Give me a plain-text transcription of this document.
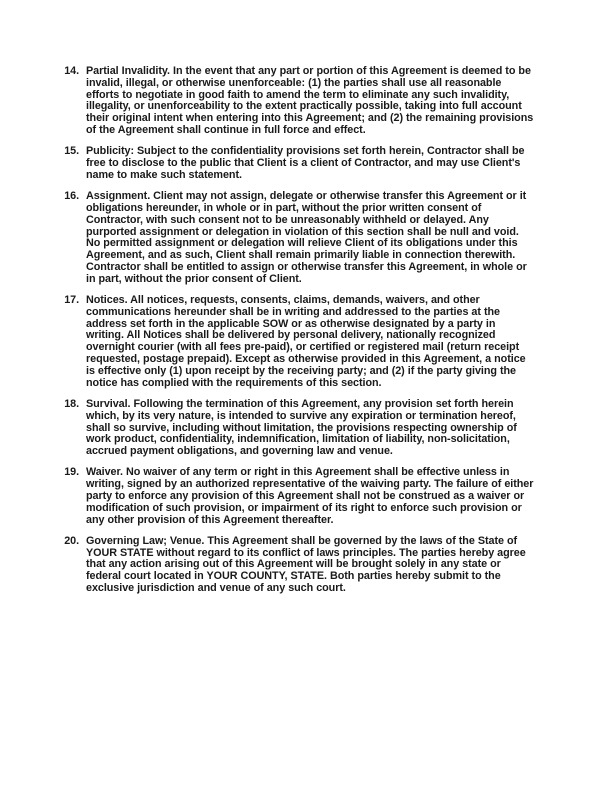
14. Partial Invalidity. In the event that any part or portion of this Agreement is deemed to be invalid, illegal, or otherwise unenforceable: (1) the parties shall use all reasonable efforts to negotiate in good faith to amend the term to eliminate any such invalidity, illegality, or unenforceability to the extent practically possible, taking into full account their original intent when entering into this Agreement; and (2) the remaining provisions of the Agreement shall continue in full force and effect.
15. Publicity: Subject to the confidentiality provisions set forth herein, Contractor shall be free to disclose to the public that Client is a client of Contractor, and may use Client's name to make such statement.
16. Assignment. Client may not assign, delegate or otherwise transfer this Agreement or it obligations hereunder, in whole or in part, without the prior written consent of Contractor, with such consent not to be unreasonably withheld or delayed. Any purported assignment or delegation in violation of this section shall be null and void. No permitted assignment or delegation will relieve Client of its obligations under this Agreement, and as such, Client shall remain primarily liable in connection therewith. Contractor shall be entitled to assign or otherwise transfer this Agreement, in whole or in part, without the prior consent of Client.
17. Notices. All notices, requests, consents, claims, demands, waivers, and other communications hereunder shall be in writing and addressed to the parties at the address set forth in the applicable SOW or as otherwise designated by a party in writing. All Notices shall be delivered by personal delivery, nationally recognized overnight courier (with all fees pre-paid), or certified or registered mail (return receipt requested, postage prepaid). Except as otherwise provided in this Agreement, a notice is effective only (1) upon receipt by the receiving party; and (2) if the party giving the notice has complied with the requirements of this section.
18. Survival. Following the termination of this Agreement, any provision set forth herein which, by its very nature, is intended to survive any expiration or termination hereof, shall so survive, including without limitation, the provisions respecting ownership of work product, confidentiality, indemnification, limitation of liability, non-solicitation, accrued payment obligations, and governing law and venue.
19. Waiver. No waiver of any term or right in this Agreement shall be effective unless in writing, signed by an authorized representative of the waiving party. The failure of either party to enforce any provision of this Agreement shall not be construed as a waiver or modification of such provision, or impairment of its right to enforce such provision or any other provision of this Agreement thereafter.
20. Governing Law; Venue. This Agreement shall be governed by the laws of the State of YOUR STATE without regard to its conflict of laws principles. The parties hereby agree that any action arising out of this Agreement will be brought solely in any state or federal court located in YOUR COUNTY, STATE. Both parties hereby submit to the exclusive jurisdiction and venue of any such court.
